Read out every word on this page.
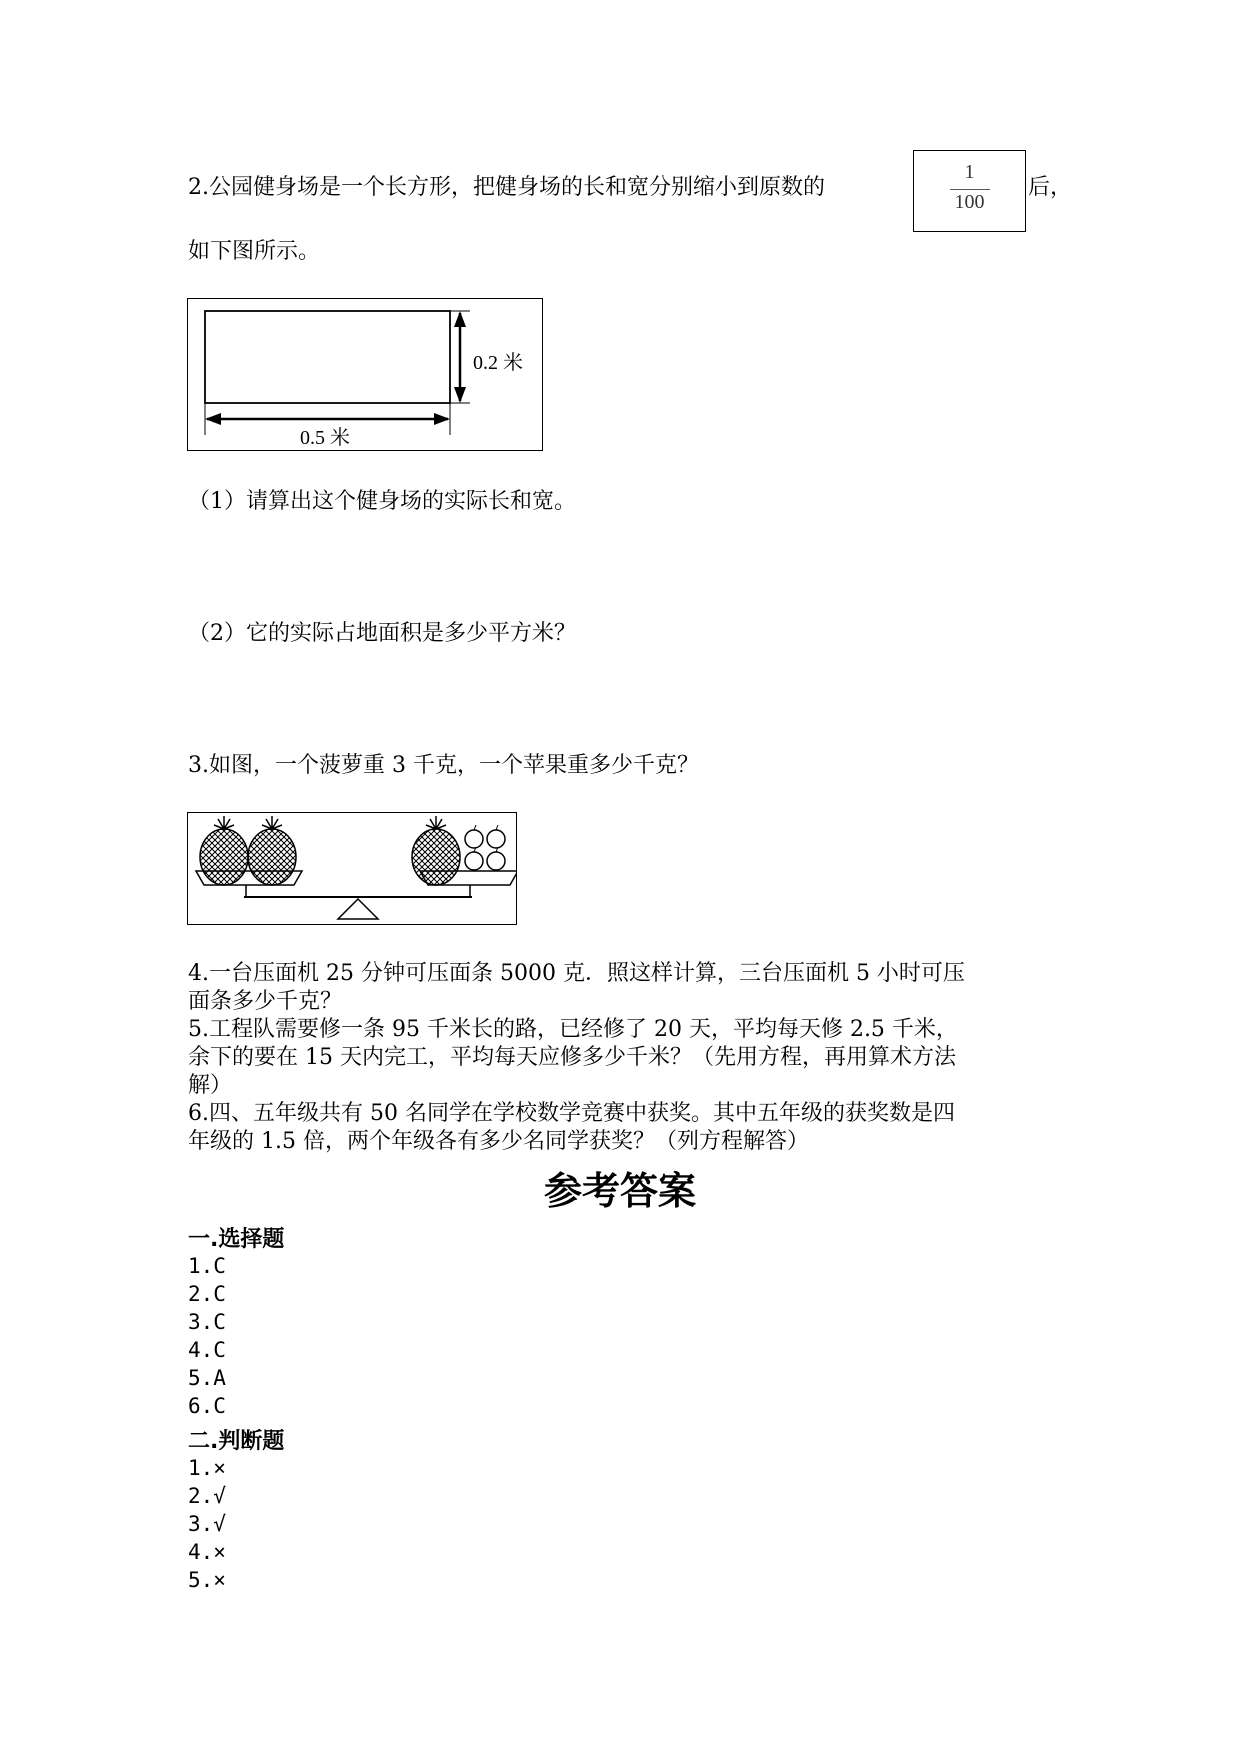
2.公园健身场是一个长方形，把健身场的长和宽分别缩小到原数的
1
100
后，
如下图所示。
0.2 米
0.5 米
（1）请算出这个健身场的实际长和宽。
（2）它的实际占地面积是多少平方米？
3.如图，一个菠萝重 3 千克，一个苹果重多少千克？
4.一台压面机 25 分钟可压面条 5000 克．照这样计算，三台压面机 5 小时可压
面条多少千克？
5.工程队需要修一条 95 千米长的路，已经修了 20 天，平均每天修 2.5 千米，
余下的要在 15 天内完工，平均每天应修多少千米？（先用方程，再用算术方法
解）
6.四、五年级共有 50 名同学在学校数学竞赛中获奖。其中五年级的获奖数是四
年级的 1.5 倍，两个年级各有多少名同学获奖？（列方程解答）
参考答案
一.选择题
1.C
2.C
3.C
4.C
5.A
6.C
二.判断题
1.×
2.√
3.√
4.×
5.×
